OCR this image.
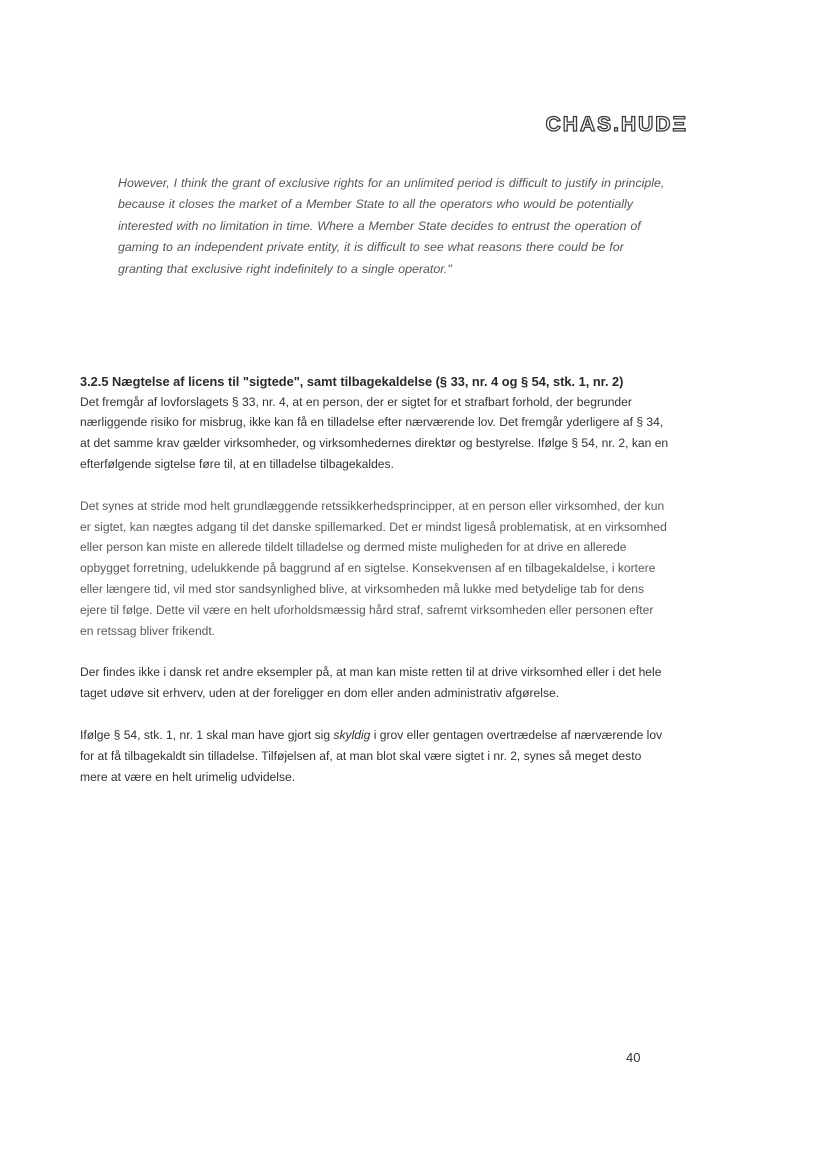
CHAS.HUDΞ

However, I think the grant of exclusive rights for an unlimited period is difficult to justify in principle, because it closes the market of a Member State to all the operators who would be potentially interested with no limitation in time. Where a Member State decides to entrust the operation of gaming to an independent private entity, it is difficult to see what reasons there could be for granting that exclusive right indefinitely to a single operator."

3.2.5 Nægtelse af licens til "sigtede", samt tilbagekaldelse (§ 33, nr. 4 og § 54, stk. 1, nr. 2)

Det fremgår af lovforslagets § 33, nr. 4, at en person, der er sigtet for et strafbart forhold, der begrunder nærliggende risiko for misbrug, ikke kan få en tilladelse efter nærværende lov. Det fremgår yderligere af § 34, at det samme krav gælder virksomheder, og virksomhedernes direktør og bestyrelse. Ifølge § 54, nr. 2, kan en efterfølgende sigtelse føre til, at en tilladelse tilbagekaldes.

Det synes at stride mod helt grundlæggende retssikkerhedsprincipper, at en person eller virksomhed, der kun er sigtet, kan nægtes adgang til det danske spillemarked. Det er mindst ligeså problematisk, at en virksomhed eller person kan miste en allerede tildelt tilladelse og dermed miste muligheden for at drive en allerede opbygget forretning, udelukkende på baggrund af en sigtelse. Konsekvensen af en tilbagekaldelse, i kortere eller længere tid, vil med stor sandsynlighed blive, at virksomheden må lukke med betydelige tab for dens ejere til følge. Dette vil være en helt uforholdsmæssig hård straf, safremt virksomheden eller personen efter en retssag bliver frikendt.

Der findes ikke i dansk ret andre eksempler på, at man kan miste retten til at drive virksomhed eller i det hele taget udøve sit erhverv, uden at der foreligger en dom eller anden administrativ afgørelse.

Ifølge § 54, stk. 1, nr. 1 skal man have gjort sig skyldig i grov eller gentagen overtrædelse af nærværende lov for at få tilbagekaldt sin tilladelse. Tilføjelsen af, at man blot skal være sigtet i nr. 2, synes så meget desto mere at være en helt urimelig udvidelse.

40
